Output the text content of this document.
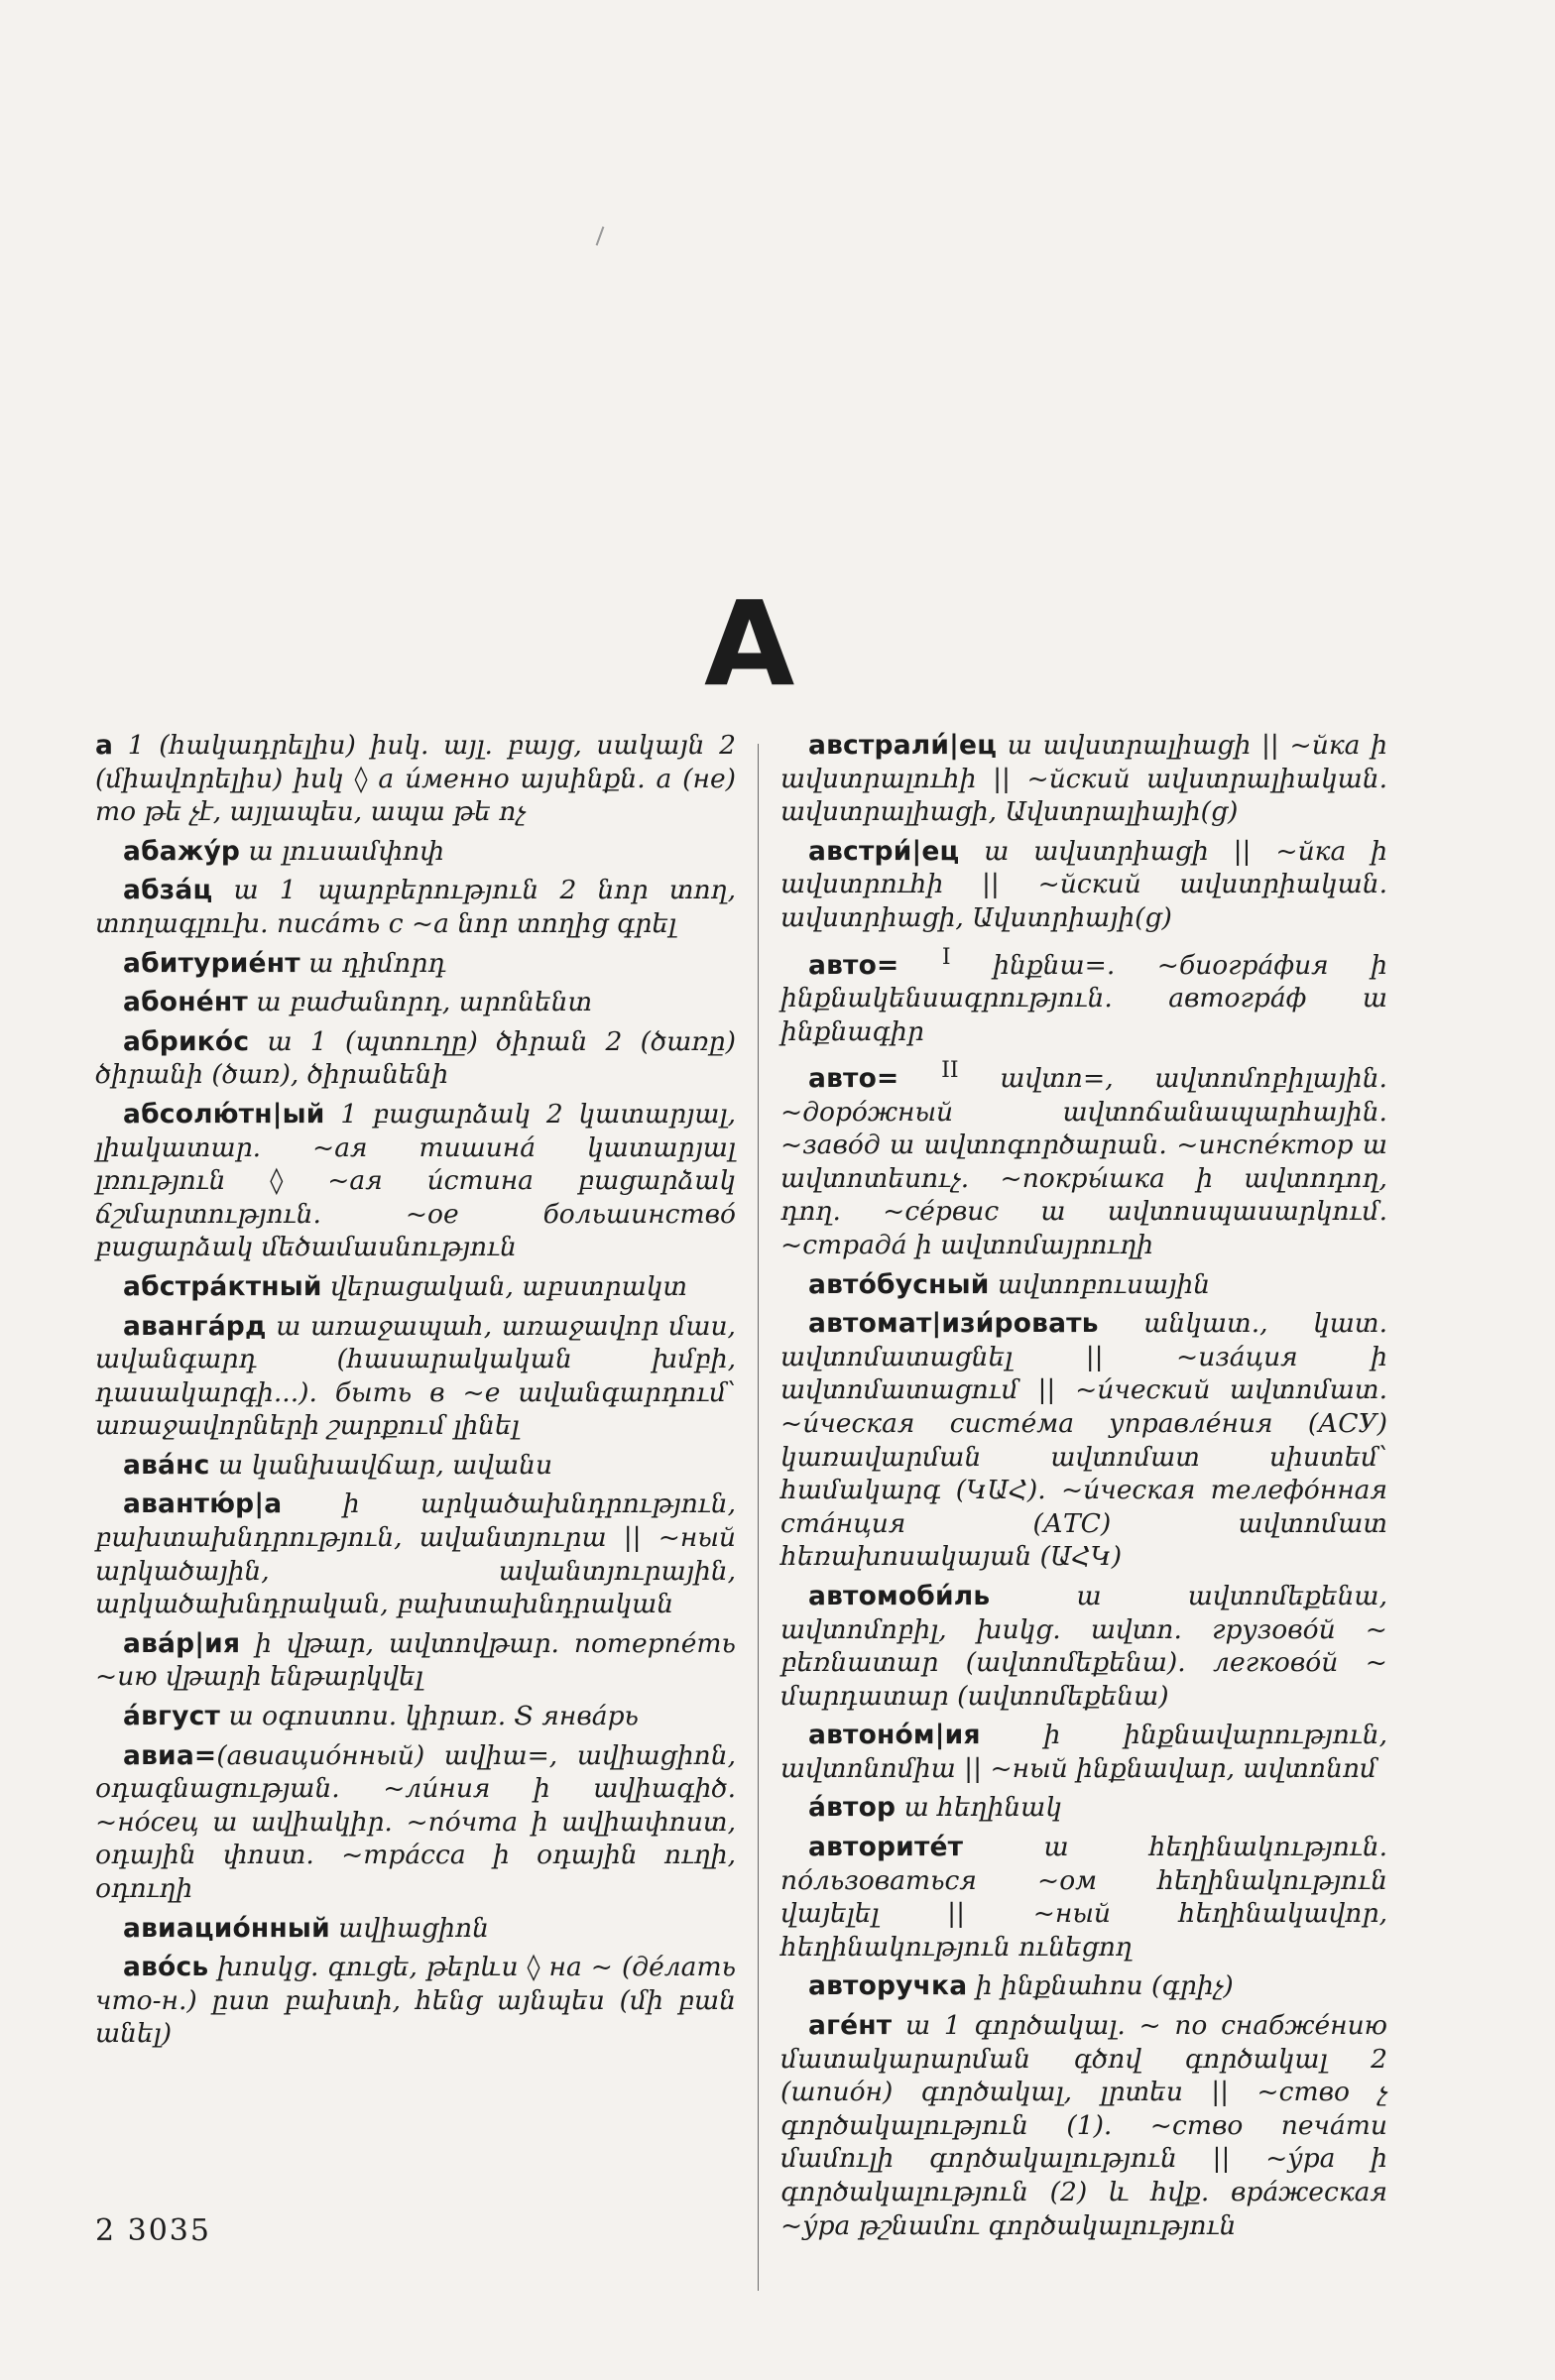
А
а 1 (հակադրելիս) իսկ. այլ. բայց, սակայն 2 (միավորելիս) իսկ ◊ а и́менно այսինքն. а (не) то թե չէ, այլապես, ապա թե ոչ
абажу́р ա լուսամփոփ
абза́ц ա 1 պարբերություն 2 նոր տող, տողագլուխ. писа́ть с ~а նոր տողից գրել
абитурие́нт ա դիմորդ
абоне́нт ա բաժանորդ, արոնենտ
абрико́с ա 1 (պտուղը) ծիրան 2 (ծառը) ծիրանի (ծառ), ծիրանենի
абсолю́тн|ый 1 բացարձակ 2 կատարյալ, լիակատար. ~ая тишина́ կատարյալ լռություն ◊ ~ая и́стина բացարձակ ճշմարտություն. ~ое большинство́ բացարձակ մեծամասնություն
абстра́ктный վերացական, աբստրակտ
аванга́рд ա առաջապահ, առաջավոր մաս, ավանգարդ (հասարակական խմբի, դասակարգի...). быть в ~е ավանգարդում՝ առաջավորների շարքում լինել
ава́нс ա կանխավճար, ավանս
авантю́р|а ի արկածախնդրություն, բախտախնդրություն, ավանտյուրա || ~ный արկածային, ավանտյուրային, արկածախնդրական, բախտախնդրական
ава́р|ия ի վթար, ավտովթար. потерпе́ть ~ию վթարի ենթարկվել
а́вгуст ա օգոստոս. կիրառ. Տ янва́рь
авиа=(авиацио́нный) ավիա=, ավիացիոն, օդագնացության. ~ли́ния ի ավիագիծ. ~но́сец ա ավիակիր. ~по́чта ի ավիափոստ, օդային փոստ. ~тра́сса ի օդային ուղի, օդուղի
авиацио́нный ավիացիոն
аво́сь խոսկց. գուցե, թերևս ◊ на ~ (де́лать что-н.) ըստ բախտի, հենց այնպես (մի բան անել)
австрали́|ец ա ավստրալիացի || ~йка ի ավստրալուհի || ~йский ավստրալիական. ավստրալիացի, Ավստրալիայի(ց)
австри́|ец ա ավստրիացի || ~йка ի ավստրուհի || ~йский ավստրիական. ավստրիացի, Ավստրիայի(ց)
авто= $^I$ ինքնա=. ~биогра́фия ի ինքնակենսագրություն. автогра́ф ա ինքնագիր
авто= $^{II}$ ավտո=, ավտոմոբիլային. ~доро́жный ավտոճանապարհային. ~заво́д ա ավտոգործարան. ~инспе́ктор ա ավտոտեսուչ. ~покры́шка ի ավտոդող, դող. ~се́рвис ա ավտոսպասարկում. ~страда́ ի ավտոմայրուղի
авто́бусный ավտոբուսային
автомат|изи́ровать անկատ., կատ. ավտոմատացնել || ~иза́ция ի ավտոմատացում || ~и́ческий ավտոմատ. ~и́ческая систе́ма управле́ния (АСУ) կառավարման ավտոմատ սիստեմ՝ համակարգ (ԿԱՀ). ~и́ческая телефо́нная ста́нция (АТС) ավտոմատ հեռախոսակայան (ԱՀԿ)
автомоби́ль ա ավտոմեքենա, ավտոմոբիլ, խսկց. ավտո. грузово́й ~ բեռնատար (ավտոմեքենա). легково́й ~ մարդատար (ավտոմեքենա)
автоно́м|ия ի ինքնավարություն, ավտոնոմիա || ~ный ինքնավար, ավտոնոմ
а́втор ա հեղինակ
авторите́т ա հեղինակություն. по́льзоваться ~ом հեղինակություն վայելել || ~ный հեղինակավոր, հեղինակություն ունեցող
авторучка ի ինքնահոս (գրիչ)
аге́нт ա 1 գործակալ. ~ по снабже́нию մատակարարման գծով գործակալ 2 (шпио́н) գործակալ, լրտես || ~ство չ գործակալություն (1). ~ство печа́ти մամուլի գործակալություն || ~у́ра ի գործակալություն (2) և հվք. вра́жеская ~у́ра թշնամու գործակալություն
2 3035
